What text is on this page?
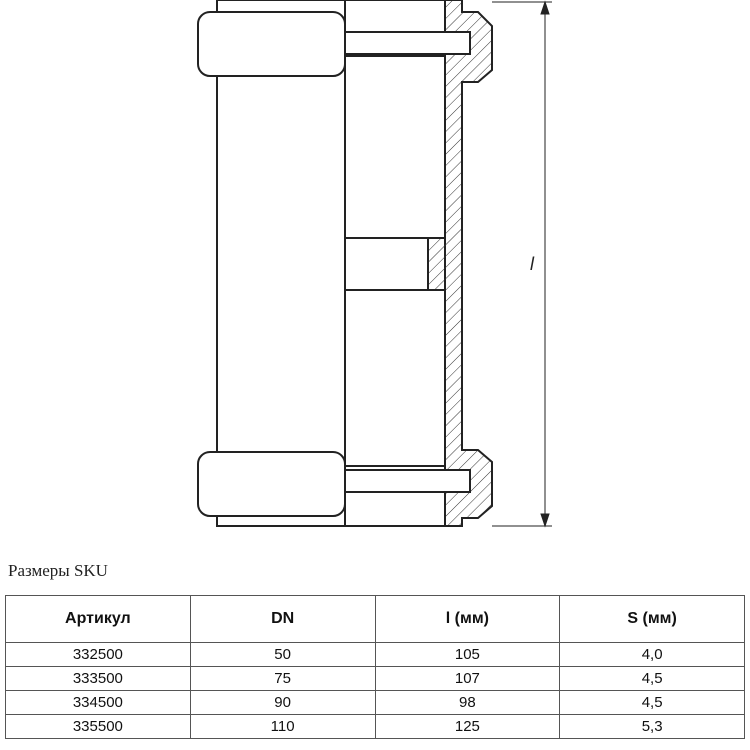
l
Размеры SKU
Артикул	DN	l (мм)	S (мм)
332500	50	105	4,0
333500	75	107	4,5
334500	90	98	4,5
335500	110	125	5,3
